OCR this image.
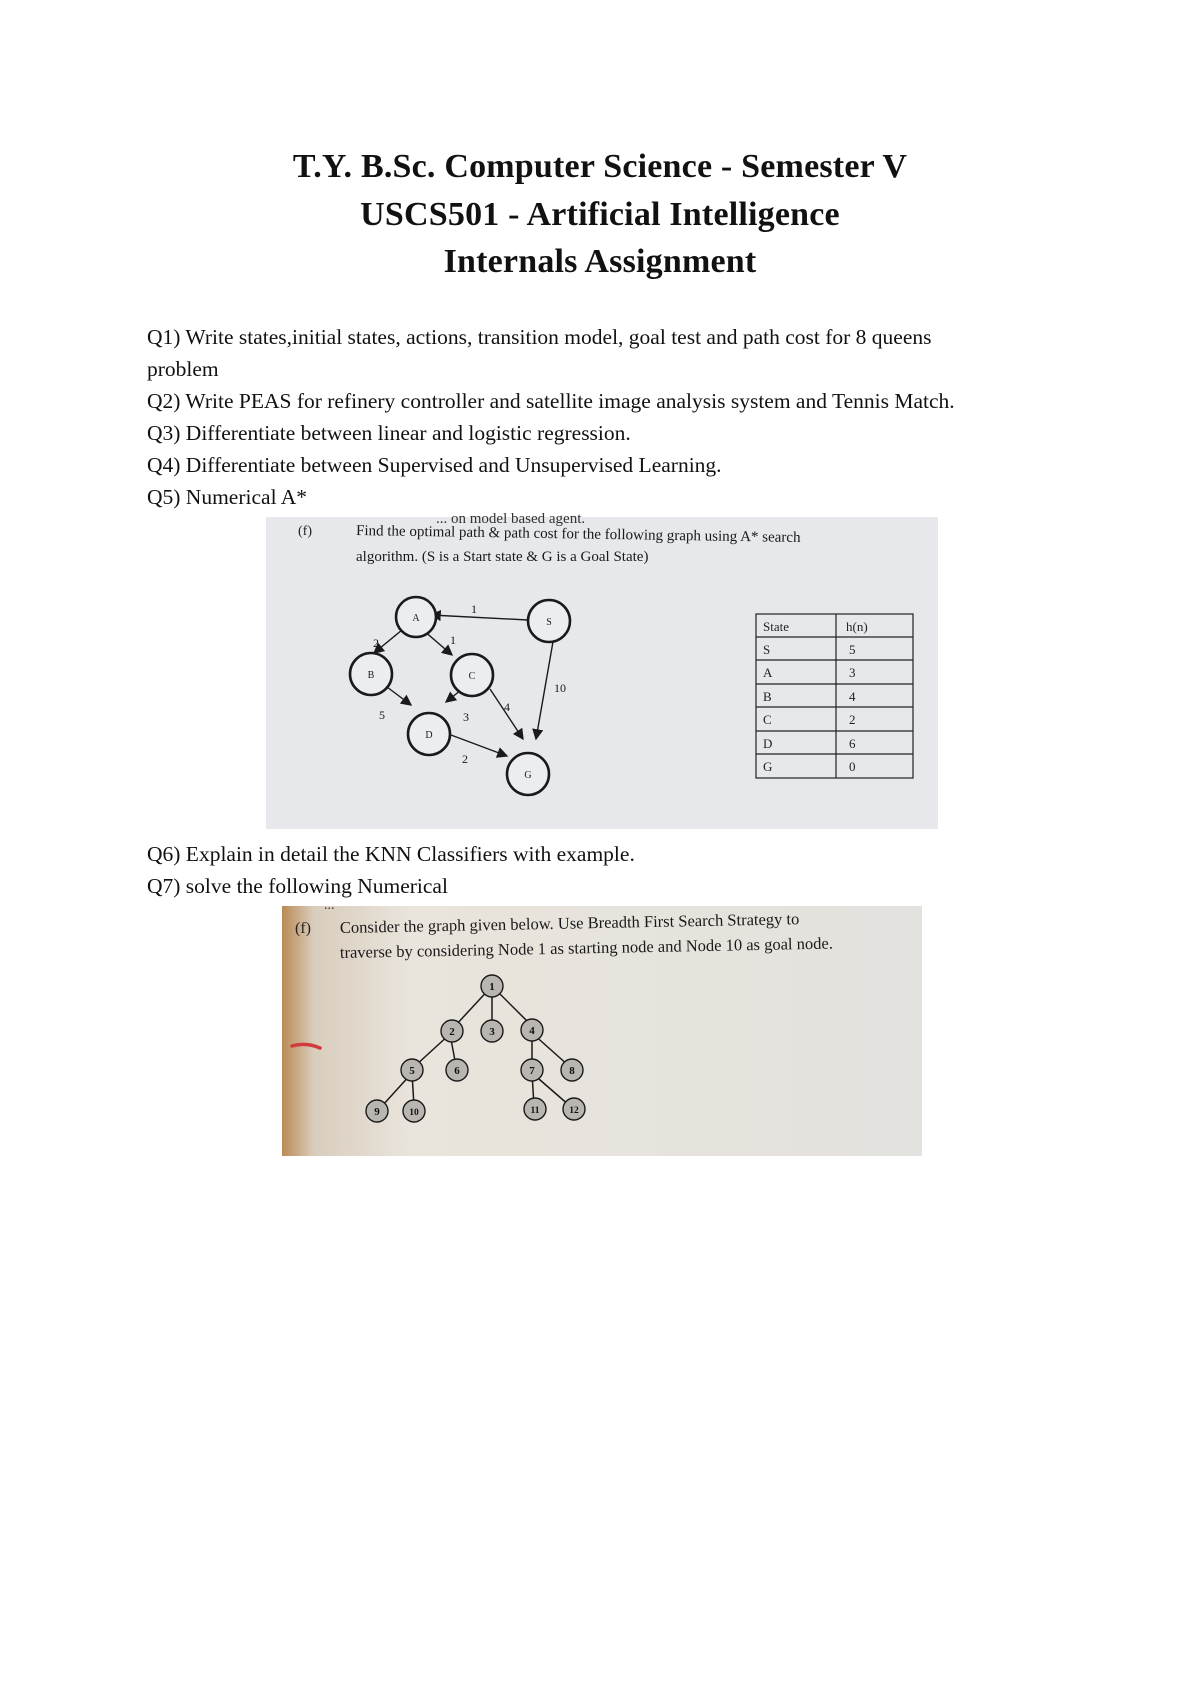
T.Y. B.Sc. Computer Science - Semester V
USCS501 - Artificial Intelligence
Internals Assignment
Q1) Write states,initial states, actions, transition model, goal test and path cost for 8 queens
problem
Q2) Write PEAS for refinery controller and satellite image analysis system and Tennis Match.
Q3) Differentiate between linear and logistic regression.
Q4) Differentiate between Supervised and Unsupervised Learning.
Q5) Numerical A*
... on model based agent.
(f)	Find the optimal path & path cost for the following graph using A* search
algorithm. (S is a Start state & G is a Goal State)
1
2	1
10
5	3
4
2
A	S
B	C
D
G
State	h(n)
S	5
A	3
B	4
C	2
D	6
G	0
Q6) Explain in detail the KNN Classifiers with example.
Q7) solve the following Numerical
...
(f) Consider the graph given below. Use Breadth First Search Strategy to
traverse by considering Node 1 as starting node and Node 10 as goal node.
1
2	3	4
5	6	7	8
9	10	11	12
